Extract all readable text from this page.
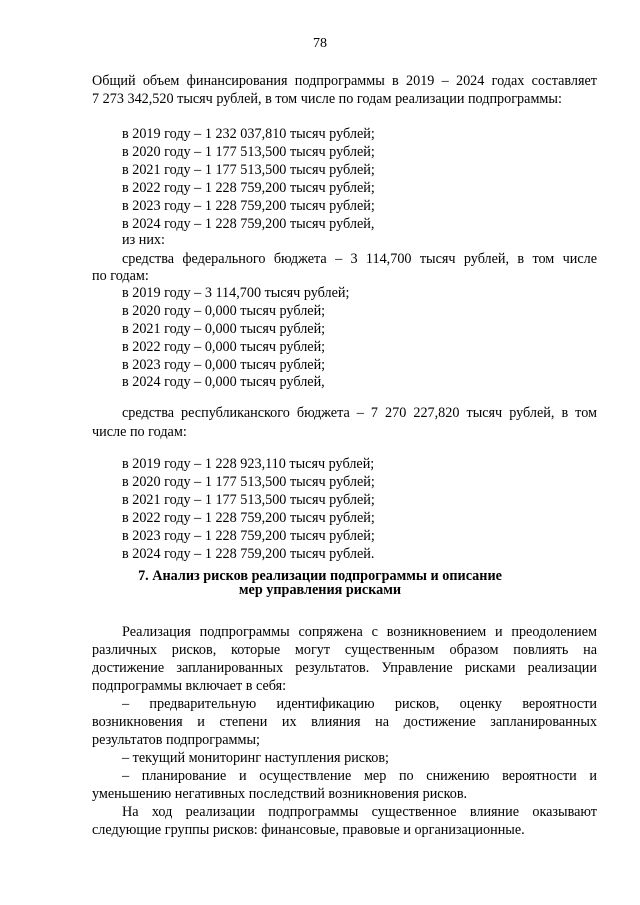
78
Общий объем финансирования подпрограммы в 2019 – 2024 годах составляет
7 273 342,520 тысяч рублей, в том числе по годам реализации подпрограммы:
в 2019 году – 1 232 037,810 тысяч рублей;
в 2020 году – 1 177 513,500 тысяч рублей;
в 2021 году – 1 177 513,500 тысяч рублей;
в 2022 году – 1 228 759,200 тысяч рублей;
в 2023 году – 1 228 759,200 тысяч рублей;
в 2024 году – 1 228 759,200 тысяч рублей,
из них:
средства федерального бюджета – 3 114,700 тысяч рублей, в том числе
по годам:
в 2019 году – 3 114,700 тысяч рублей;
в 2020 году – 0,000 тысяч рублей;
в 2021 году – 0,000 тысяч рублей;
в 2022 году – 0,000 тысяч рублей;
в 2023 году – 0,000 тысяч рублей;
в 2024 году – 0,000 тысяч рублей,
средства республиканского бюджета – 7 270 227,820 тысяч рублей, в том
числе по годам:
в 2019 году – 1 228 923,110 тысяч рублей;
в 2020 году – 1 177 513,500 тысяч рублей;
в 2021 году – 1 177 513,500 тысяч рублей;
в 2022 году – 1 228 759,200 тысяч рублей;
в 2023 году – 1 228 759,200 тысяч рублей;
в 2024 году – 1 228 759,200 тысяч рублей.
7. Анализ рисков реализации подпрограммы и описание
мер управления рисками
Реализация подпрограммы сопряжена с возникновением и преодолением
различных рисков, которые могут существенным образом повлиять на
достижение запланированных результатов. Управление рисками реализации
подпрограммы включает в себя:
– предварительную идентификацию рисков, оценку вероятности
возникновения и степени их влияния на достижение запланированных
результатов подпрограммы;
– текущий мониторинг наступления рисков;
– планирование и осуществление мер по снижению вероятности и
уменьшению негативных последствий возникновения рисков.
На ход реализации подпрограммы существенное влияние оказывают
следующие группы рисков: финансовые, правовые и организационные.
